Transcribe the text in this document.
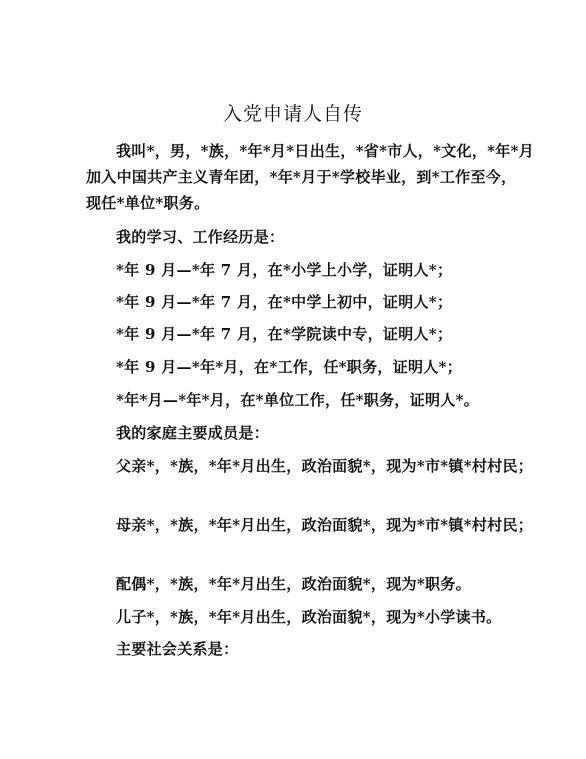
入党申请人自传
我叫*，男，*族，*年*月*日出生，*省*市人，*文化，*年*月
加入中国共产主义青年团，*年*月于*学校毕业，到*工作至今，
现任*单位*职务。
我的学习、工作经历是：
*年 9 月—*年 7 月，在*小学上小学，证明人*；
*年 9 月—*年 7 月，在*中学上初中，证明人*；
*年 9 月—*年 7 月，在*学院读中专，证明人*；
*年 9 月—*年*月，在*工作，任*职务，证明人*；
*年*月—*年*月，在*单位工作，任*职务，证明人*。
我的家庭主要成员是：
父亲*，*族，*年*月出生，政治面貌*，现为*市*镇*村村民；
母亲*，*族，*年*月出生，政治面貌*，现为*市*镇*村村民；
配偶*，*族，*年*月出生，政治面貌*，现为*职务。
儿子*，*族，*年*月出生，政治面貌*，现为*小学读书。
主要社会关系是：
